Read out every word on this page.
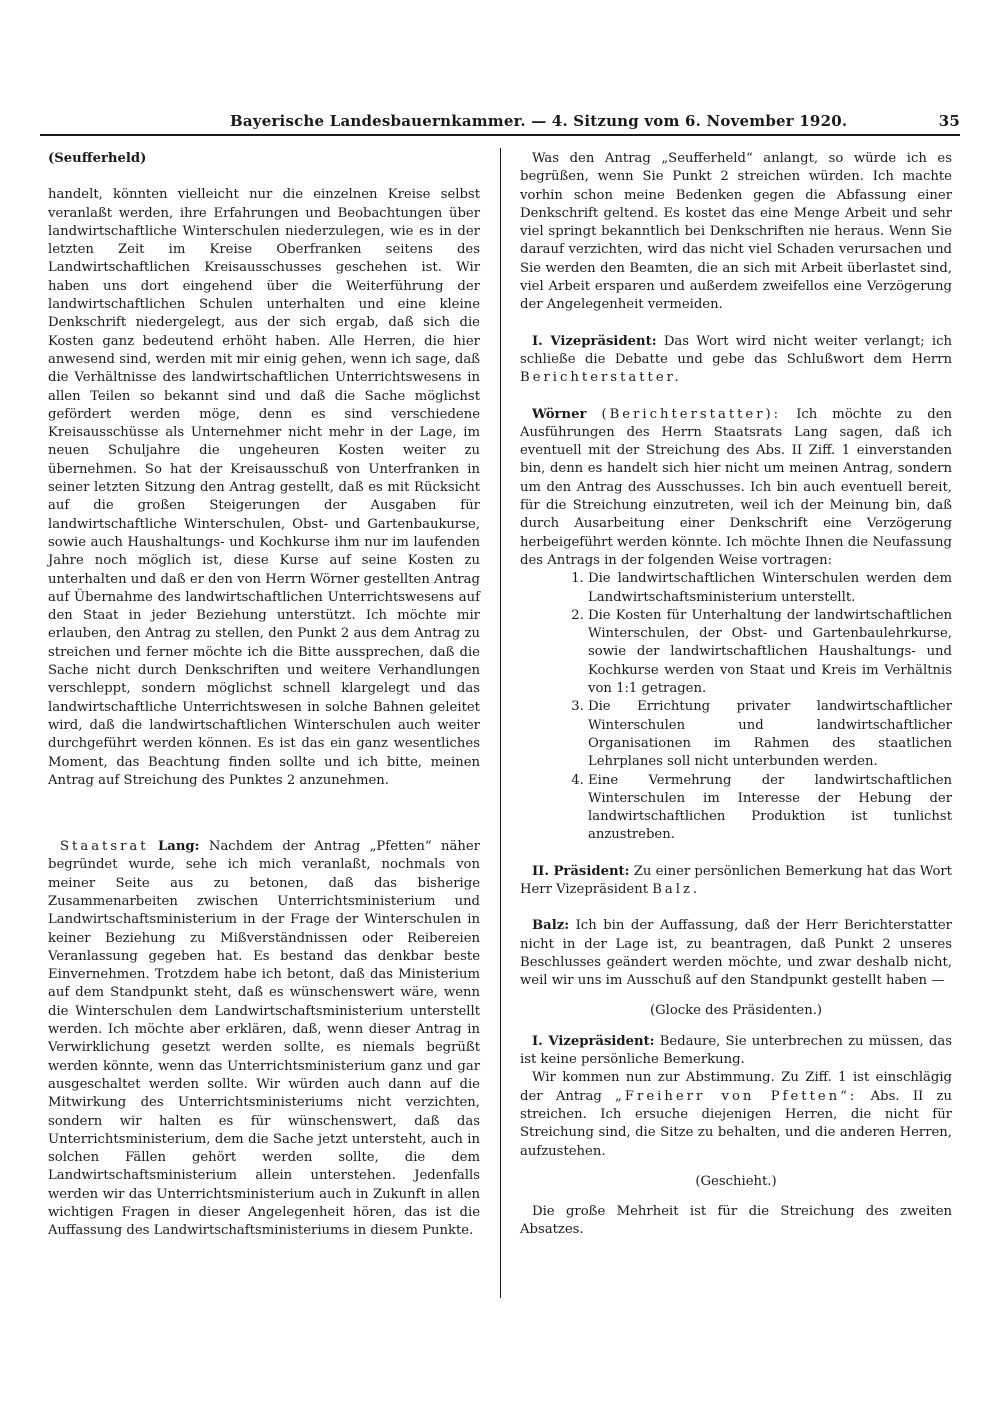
Bayerische Landesbauernkammer. — 4. Sitzung vom 6. November 1920.	35

(Seufferheld)

handelt, könnten vielleicht nur die einzelnen Kreise selbst veranlaßt werden, ihre Erfahrungen und Beobachtungen über landwirtschaftliche Winterschulen niederzulegen, wie es in der letzten Zeit im Kreise Oberfranken seitens des Landwirtschaftlichen Kreisausschusses geschehen ist. Wir haben uns dort eingehend über die Weiterführung der landwirtschaftlichen Schulen unterhalten und eine kleine Denkschrift niedergelegt, aus der sich ergab, daß sich die Kosten ganz bedeutend erhöht haben. Alle Herren, die hier anwesend sind, werden mit mir einig gehen, wenn ich sage, daß die Verhältnisse des landwirtschaftlichen Unterrichtswesens in allen Teilen so bekannt sind und daß die Sache möglichst gefördert werden möge, denn es sind verschiedene Kreisausschüsse als Unternehmer nicht mehr in der Lage, im neuen Schuljahre die ungeheuren Kosten weiter zu übernehmen. So hat der Kreisausschuß von Unterfranken in seiner letzten Sitzung den Antrag gestellt, daß es mit Rücksicht auf die großen Steigerungen der Ausgaben für landwirtschaftliche Winterschulen, Obst- und Gartenbaukurse, sowie auch Haushaltungs- und Kochkurse ihm nur im laufenden Jahre noch möglich ist, diese Kurse auf seine Kosten zu unterhalten und daß er den von Herrn Wörner gestellten Antrag auf Übernahme des landwirtschaftlichen Unterrichtswesens auf den Staat in jeder Beziehung unterstützt. Ich möchte mir erlauben, den Antrag zu stellen, den Punkt 2 aus dem Antrag zu streichen und ferner möchte ich die Bitte aussprechen, daß die Sache nicht durch Denkschriften und weitere Verhandlungen verschleppt, sondern möglichst schnell klargelegt und das landwirtschaftliche Unterrichtswesen in solche Bahnen geleitet wird, daß die landwirtschaftlichen Winterschulen auch weiter durchgeführt werden können. Es ist das ein ganz wesentliches Moment, das Beachtung finden sollte und ich bitte, meinen Antrag auf Streichung des Punktes 2 anzunehmen.

Staatsrat Lang: Nachdem der Antrag „Pfetten“ näher begründet wurde, sehe ich mich veranlaßt, nochmals von meiner Seite aus zu betonen, daß das bisherige Zusammenarbeiten zwischen Unterrichtsministerium und Landwirtschaftsministerium in der Frage der Winterschulen in keiner Beziehung zu Mißverständnissen oder Reibereien Veranlassung gegeben hat. Es bestand das denkbar beste Einvernehmen. Trotzdem habe ich betont, daß das Ministerium auf dem Standpunkt steht, daß es wünschenswert wäre, wenn die Winterschulen dem Landwirtschaftsministerium unterstellt werden. Ich möchte aber erklären, daß, wenn dieser Antrag in Verwirklichung gesetzt werden sollte, es niemals begrüßt werden könnte, wenn das Unterrichtsministerium ganz und gar ausgeschaltet werden sollte. Wir würden auch dann auf die Mitwirkung des Unterrichtsministeriums nicht verzichten, sondern wir halten es für wünschenswert, daß das Unterrichtsministerium, dem die Sache jetzt untersteht, auch in solchen Fällen gehört werden sollte, die dem Landwirtschaftsministerium allein unterstehen. Jedenfalls werden wir das Unterrichtsministerium auch in Zukunft in allen wichtigen Fragen in dieser Angelegenheit hören, das ist die Auffassung des Landwirtschaftsministeriums in diesem Punkte.

Was den Antrag „Seufferheld“ anlangt, so würde ich es begrüßen, wenn Sie Punkt 2 streichen würden. Ich machte vorhin schon meine Bedenken gegen die Abfassung einer Denkschrift geltend. Es kostet das eine Menge Arbeit und sehr viel springt bekanntlich bei Denkschriften nie heraus. Wenn Sie darauf verzichten, wird das nicht viel Schaden verursachen und Sie werden den Beamten, die an sich mit Arbeit überlastet sind, viel Arbeit ersparen und außerdem zweifellos eine Verzögerung der Angelegenheit vermeiden.

I. Vizepräsident: Das Wort wird nicht weiter verlangt; ich schließe die Debatte und gebe das Schlußwort dem Herrn Berichterstatter.

Wörner (Berichterstatter): Ich möchte zu den Ausführungen des Herrn Staatsrats Lang sagen, daß ich eventuell mit der Streichung des Abs. II Ziff. 1 einverstanden bin, denn es handelt sich hier nicht um meinen Antrag, sondern um den Antrag des Ausschusses. Ich bin auch eventuell bereit, für die Streichung einzutreten, weil ich der Meinung bin, daß durch Ausarbeitung einer Denkschrift eine Verzögerung herbeigeführt werden könnte. Ich möchte Ihnen die Neufassung des Antrags in der folgenden Weise vortragen:

1. Die landwirtschaftlichen Winterschulen werden dem Landwirtschaftsministerium unterstellt.
2. Die Kosten für Unterhaltung der landwirtschaftlichen Winterschulen, der Obst- und Gartenbaulehrkurse, sowie der landwirtschaftlichen Haushaltungs- und Kochkurse werden von Staat und Kreis im Verhältnis von 1:1 getragen.
3. Die Errichtung privater landwirtschaftlicher Winterschulen und landwirtschaftlicher Organisationen im Rahmen des staatlichen Lehrplanes soll nicht unterbunden werden.
4. Eine Vermehrung der landwirtschaftlichen Winterschulen im Interesse der Hebung der landwirtschaftlichen Produktion ist tunlichst anzustreben.

II. Präsident: Zu einer persönlichen Bemerkung hat das Wort Herr Vizepräsident Balz.

Balz: Ich bin der Auffassung, daß der Herr Berichterstatter nicht in der Lage ist, zu beantragen, daß Punkt 2 unseres Beschlusses geändert werden möchte, und zwar deshalb nicht, weil wir uns im Ausschuß auf den Standpunkt gestellt haben —

(Glocke des Präsidenten.)

I. Vizepräsident: Bedaure, Sie unterbrechen zu müssen, das ist keine persönliche Bemerkung.

Wir kommen nun zur Abstimmung. Zu Ziff. 1 ist einschlägig der Antrag „Freiherr von Pfetten“: Abs. II zu streichen. Ich ersuche diejenigen Herren, die nicht für Streichung sind, die Sitze zu behalten, und die anderen Herren, aufzustehen.

(Geschieht.)

Die große Mehrheit ist für die Streichung des zweiten Absatzes.
